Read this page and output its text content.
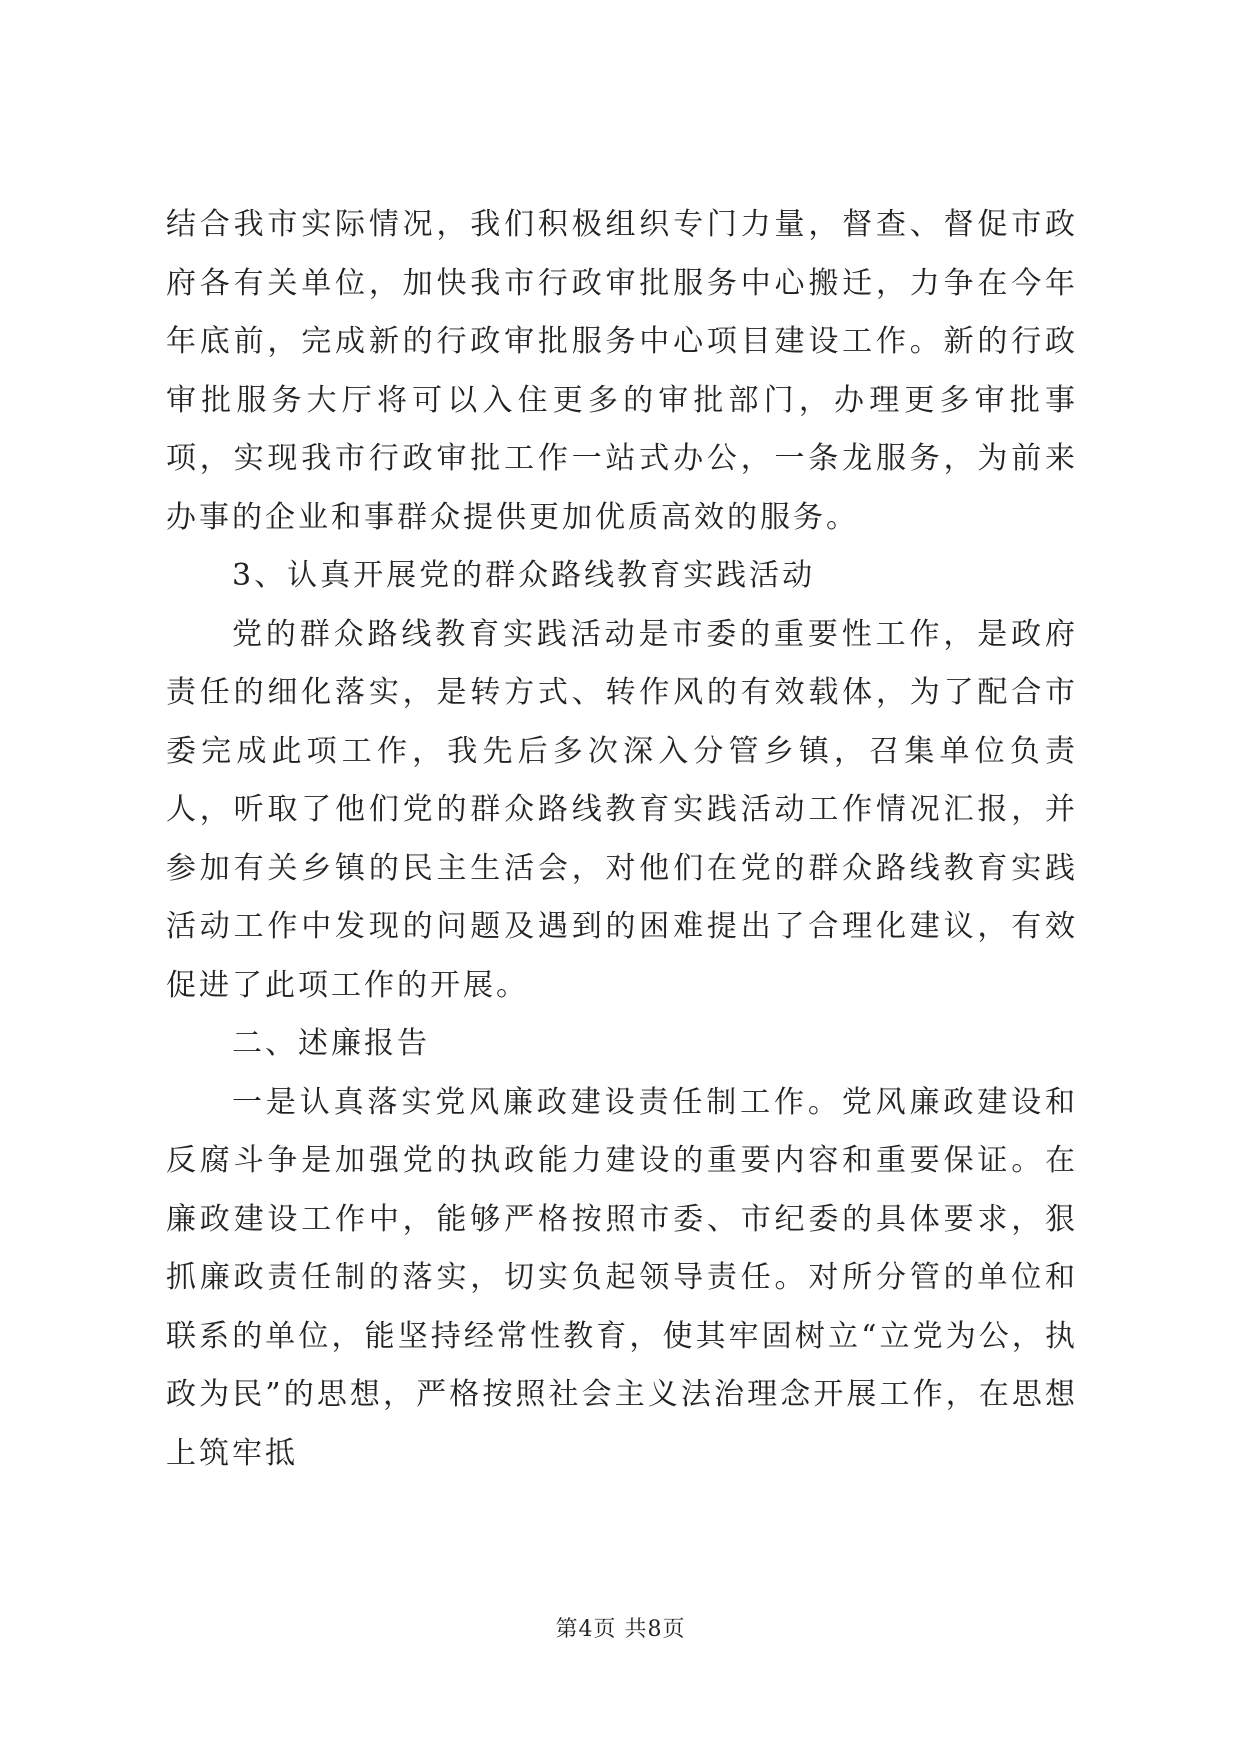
结合我市实际情况，我们积极组织专门力量，督查、督促市政府各有关单位，加快我市行政审批服务中心搬迁，力争在今年年底前，完成新的行政审批服务中心项目建设工作。新的行政审批服务大厅将可以入住更多的审批部门，办理更多审批事项，实现我市行政审批工作一站式办公，一条龙服务，为前来办事的企业和事群众提供更加优质高效的服务。

3、认真开展党的群众路线教育实践活动

党的群众路线教育实践活动是市委的重要性工作，是政府责任的细化落实，是转方式、转作风的有效载体，为了配合市委完成此项工作，我先后多次深入分管乡镇，召集单位负责人，听取了他们党的群众路线教育实践活动工作情况汇报，并参加有关乡镇的民主生活会，对他们在党的群众路线教育实践活动工作中发现的问题及遇到的困难提出了合理化建议，有效促进了此项工作的开展。

二、述廉报告

一是认真落实党风廉政建设责任制工作。党风廉政建设和反腐斗争是加强党的执政能力建设的重要内容和重要保证。在廉政建设工作中，能够严格按照市委、市纪委的具体要求，狠抓廉政责任制的落实，切实负起领导责任。对所分管的单位和联系的单位，能坚持经常性教育，使其牢固树立“立党为公，执政为民”的思想，严格按照社会主义法治理念开展工作，在思想上筑牢抵

第4页 共8页
